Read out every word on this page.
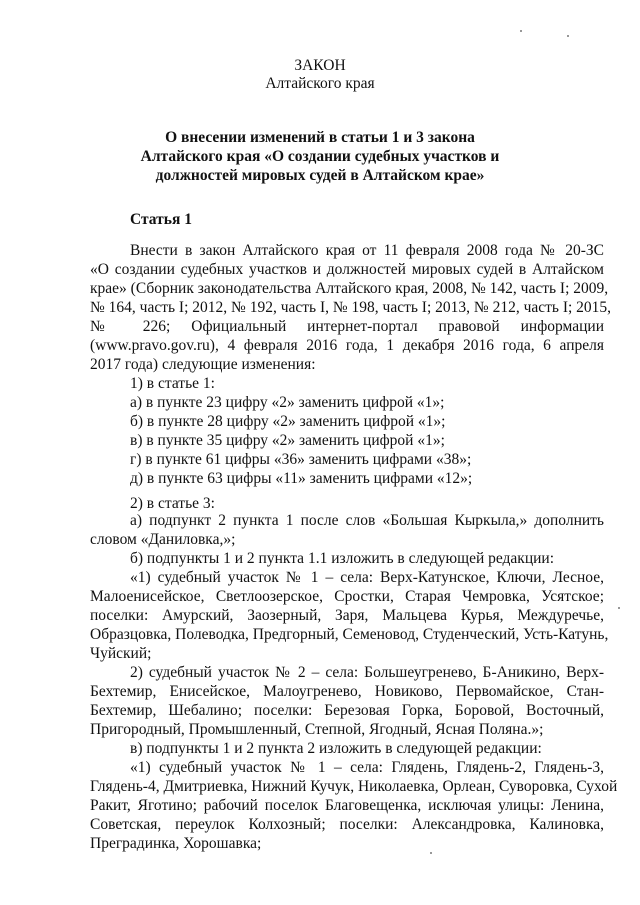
ЗАКОН
Алтайского края
О внесении изменений в статьи 1 и 3 закона
Алтайского края «О создании судебных участков и
должностей мировых судей в Алтайском крае»
Статья 1
Внести в закон Алтайского края от 11 февраля 2008 года № 20-ЗС
«О создании судебных участков и должностей мировых судей в Алтайском
крае» (Сборник законодательства Алтайского края, 2008, № 142, часть I; 2009,
№ 164, часть I; 2012, № 192, часть I, № 198, часть I; 2013, № 212, часть I; 2015,
№ 226; Официальный интернет-портал правовой информации
(www.pravo.gov.ru), 4 февраля 2016 года, 1 декабря 2016 года, 6 апреля
2017 года) следующие изменения:
1) в статье 1:
а) в пункте 23 цифру «2» заменить цифрой «1»;
б) в пункте 28 цифру «2» заменить цифрой «1»;
в) в пункте 35 цифру «2» заменить цифрой «1»;
г) в пункте 61 цифры «36» заменить цифрами «38»;
д) в пункте 63 цифры «11» заменить цифрами «12»;
2) в статье 3:
а) подпункт 2 пункта 1 после слов «Большая Кыркыла,» дополнить
словом «Даниловка,»;
б) подпункты 1 и 2 пункта 1.1 изложить в следующей редакции:
«1) судебный участок № 1 – села: Верх-Катунское, Ключи, Лесное,
Малоенисейское, Светлоозерское, Сростки, Старая Чемровка, Усятское;
поселки: Амурский, Заозерный, Заря, Мальцева Курья, Междуречье,
Образцовка, Полеводка, Предгорный, Семеновод, Студенческий, Усть-Катунь,
Чуйский;
2) судебный участок № 2 – села: Большеугренево, Б-Аникино, Верх-
Бехтемир, Енисейское, Малоугренево, Новиково, Первомайское, Стан-
Бехтемир, Шебалино; поселки: Березовая Горка, Боровой, Восточный,
Пригородный, Промышленный, Степной, Ягодный, Ясная Поляна.»;
в) подпункты 1 и 2 пункта 2 изложить в следующей редакции:
«1) судебный участок № 1 – села: Глядень, Глядень-2, Глядень-3,
Глядень-4, Дмитриевка, Нижний Кучук, Николаевка, Орлеан, Суворовка, Сухой
Ракит, Яготино; рабочий поселок Благовещенка, исключая улицы: Ленина,
Советская, переулок Колхозный; поселки: Александровка, Калиновка,
Преградинка, Хорошавка;
